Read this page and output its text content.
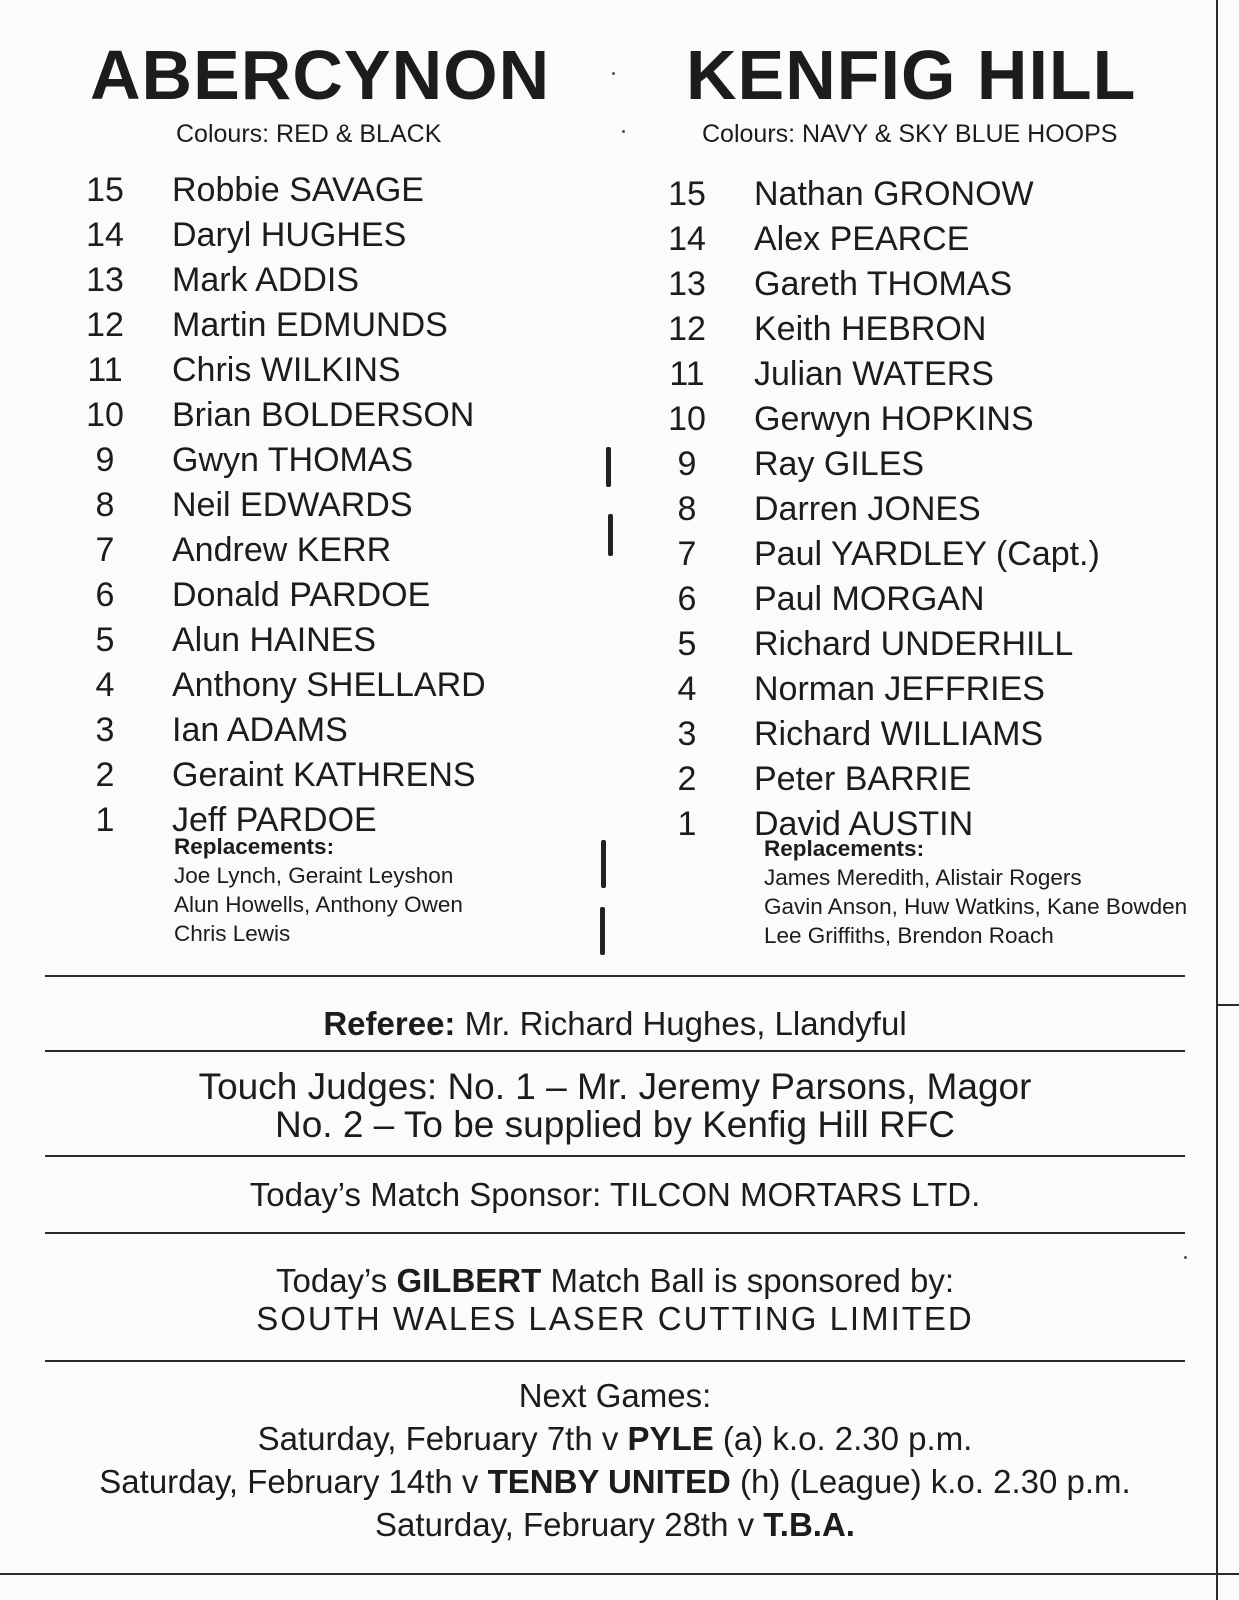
ABERCYNON
Colours: RED & BLACK
KENFIG HILL
Colours: NAVY & SKY BLUE HOOPS
15	Robbie SAVAGE
14	Daryl HUGHES
13	Mark ADDIS
12	Martin EDMUNDS
11	Chris WILKINS
10	Brian BOLDERSON
9	Gwyn THOMAS
8	Neil EDWARDS
7	Andrew KERR
6	Donald PARDOE
5	Alun HAINES
4	Anthony SHELLARD
3	Ian ADAMS
2	Geraint KATHRENS
1	Jeff PARDOE
15	Nathan GRONOW
14	Alex PEARCE
13	Gareth THOMAS
12	Keith HEBRON
11	Julian WATERS
10	Gerwyn HOPKINS
9	Ray GILES
8	Darren JONES
7	Paul YARDLEY (Capt.)
6	Paul MORGAN
5	Richard UNDERHILL
4	Norman JEFFRIES
3	Richard WILLIAMS
2	Peter BARRIE
1	David AUSTIN
Replacements:
Joe Lynch, Geraint Leyshon
Alun Howells, Anthony Owen
Chris Lewis
Replacements:
James Meredith, Alistair Rogers
Gavin Anson, Huw Watkins, Kane Bowden
Lee Griffiths, Brendon Roach
Referee: Mr. Richard Hughes, Llandyful
Touch Judges: No. 1 – Mr. Jeremy Parsons, Magor
No. 2 – To be supplied by Kenfig Hill RFC
Today’s Match Sponsor: TILCON MORTARS LTD.
Today’s GILBERT Match Ball is sponsored by:
SOUTH WALES LASER CUTTING LIMITED
Next Games:
Saturday, February 7th v PYLE (a) k.o. 2.30 p.m.
Saturday, February 14th v TENBY UNITED (h) (League) k.o. 2.30 p.m.
Saturday, February 28th v T.B.A.
